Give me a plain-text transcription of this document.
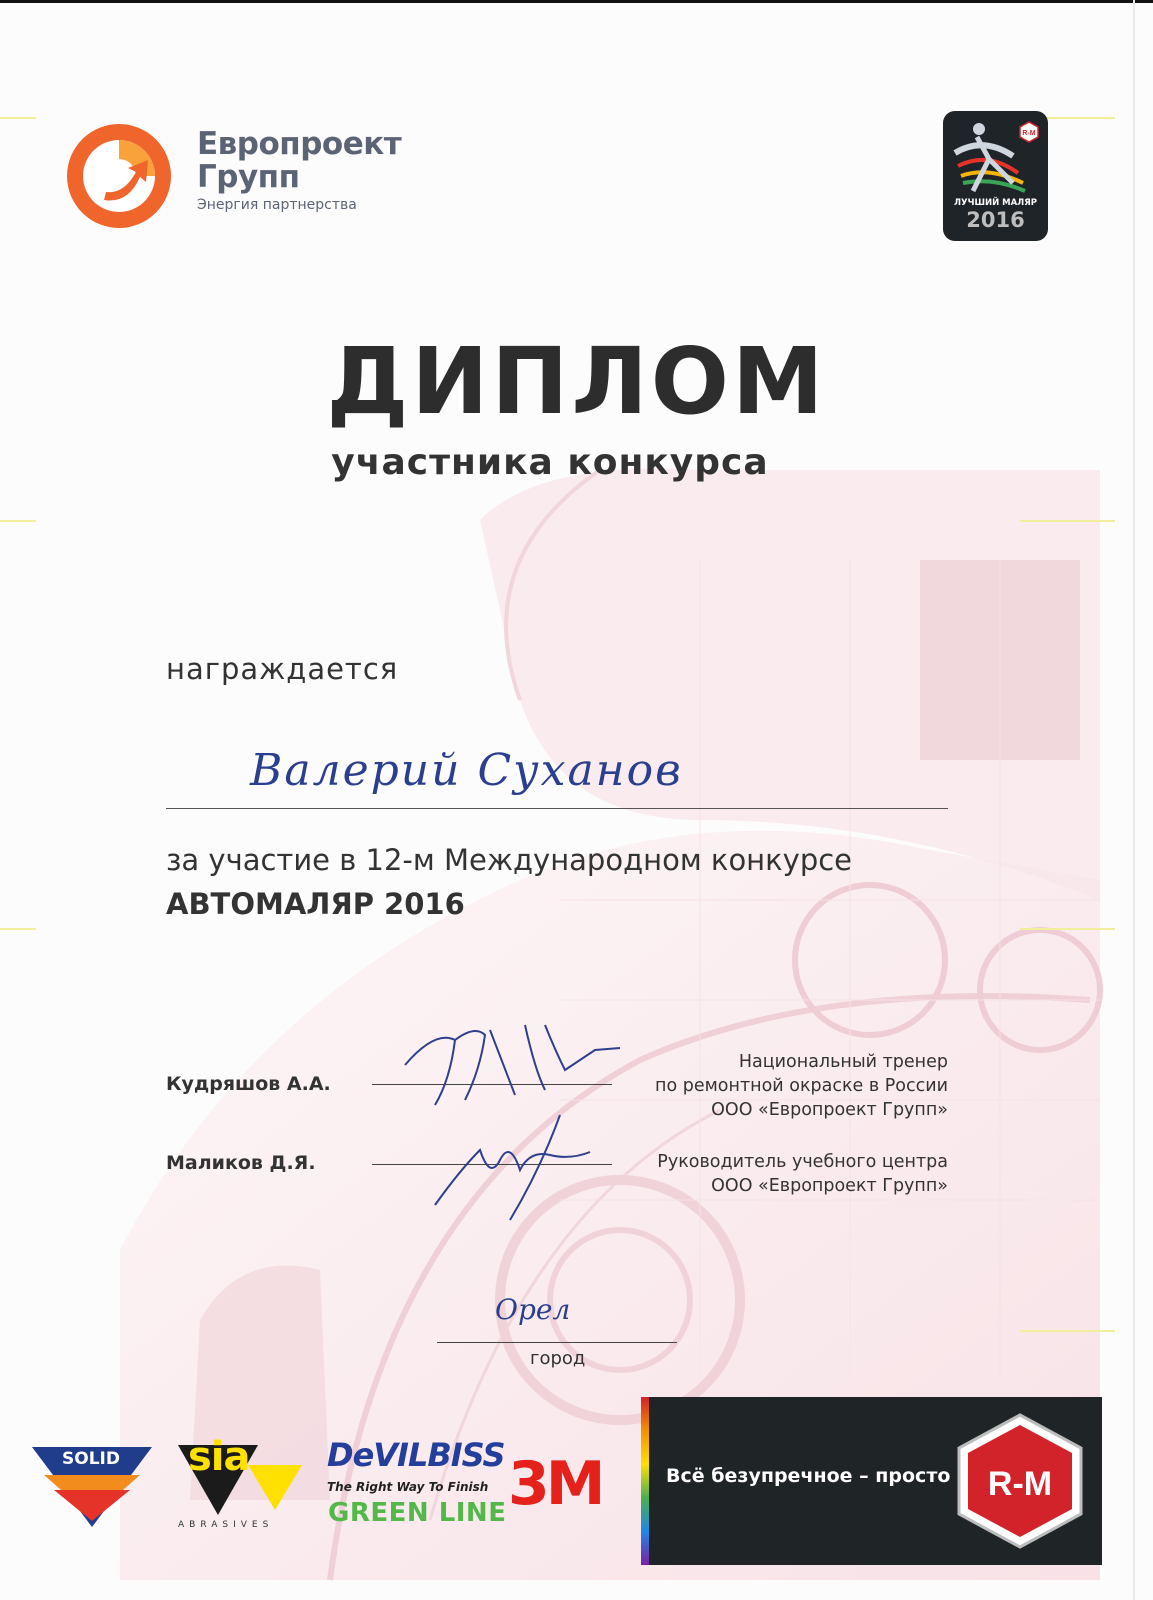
Европроект
Групп
Энергия партнерства
R-M
ЛУЧШИЙ МАЛЯР
2016
ДИПЛОМ
участника конкурса
награждается
Валерий Суханов
за участие в 12-м Международном конкурсе
АВТОМАЛЯР 2016
Кудряшов А.А.
Национальный тренер
по ремонтной окраске в России
ООО «Европроект Групп»
Маликов Д.Я.	Руководитель учебного центра
ООО «Европроект Групп»
Орел
город
SOLID sia
ABRASIVES
DeVILBISS
The Right Way To Finish
GREEN LINE 3M	Всё безупречное – просто R-M
